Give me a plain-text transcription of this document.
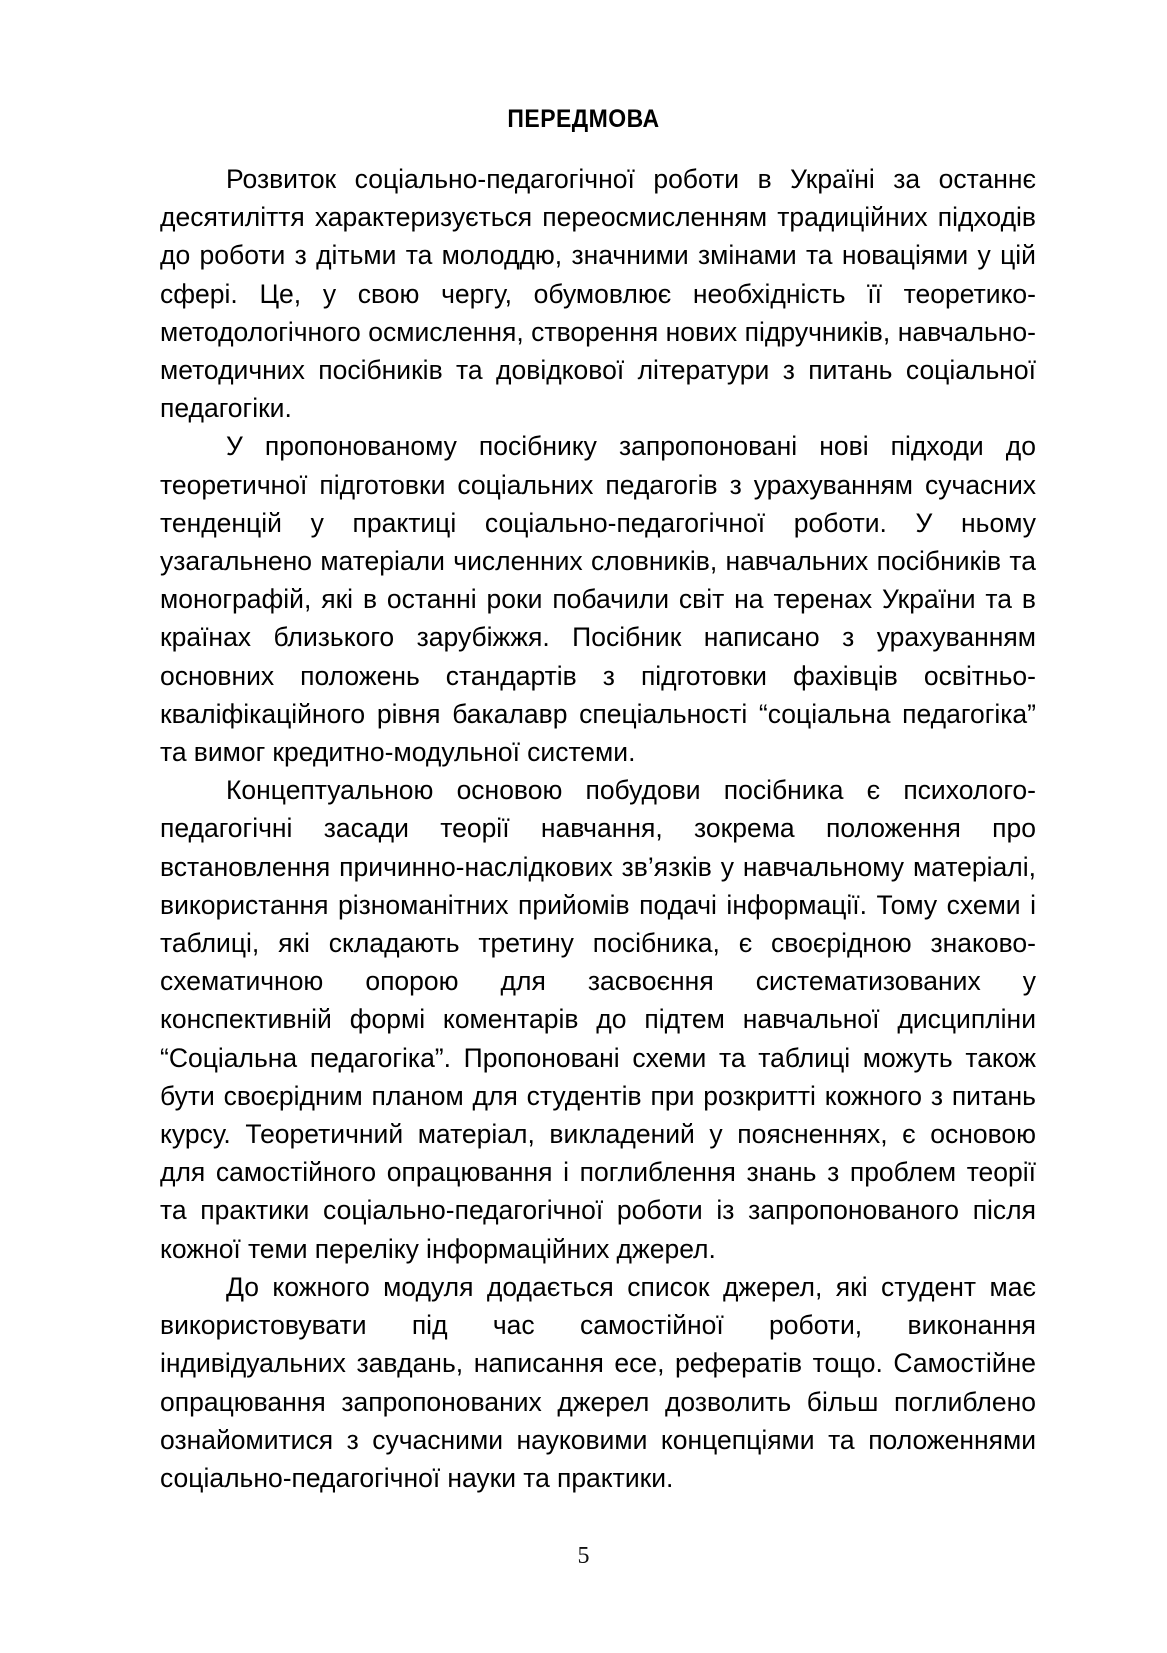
ПЕРЕДМОВА

Розвиток соціально-педагогічної роботи в Україні за останнє десятиліття характеризується переосмисленням традиційних підходів до роботи з дітьми та молоддю, значними змінами та новаціями у цій сфері. Це, у свою чергу, обумовлює необхідність її теоретико-методологічного осмислення, створення нових підручників, навчально-методичних посібників та довідкової літератури з питань соціальної педагогіки.

У пропонованому посібнику запропоновані нові підходи до теоретичної підготовки соціальних педагогів з урахуванням сучасних тенденцій у практиці соціально-педагогічної роботи. У ньому узагальнено матеріали численних словників, навчальних посібників та монографій, які в останні роки побачили світ на теренах України та в країнах близького зарубіжжя. Посібник написано з урахуванням основних положень стандартів з підготовки фахівців освітньо-кваліфікаційного рівня бакалавр спеціальності “соціальна педагогіка” та вимог кредитно-модульної системи.

Концептуальною основою побудови посібника є психолого-педагогічні засади теорії навчання, зокрема положення про встановлення причинно-наслідкових зв’язків у навчальному матеріалі, використання різноманітних прийомів подачі інформації. Тому схеми і таблиці, які складають третину посібника, є своєрідною знаково-схематичною опорою для засвоєння систематизованих у конспективній формі коментарів до підтем навчальної дисципліни “Соціальна педагогіка”. Пропоновані схеми та таблиці можуть також бути своєрідним планом для студентів при розкритті кожного з питань курсу. Теоретичний матеріал, викладений у поясненнях, є основою для самостійного опрацювання і поглиблення знань з проблем теорії та практики соціально-педагогічної роботи із запропонованого після кожної теми переліку інформаційних джерел.

До кожного модуля додається список джерел, які студент має використовувати під час самостійної роботи, виконання індивідуальних завдань, написання есе, рефератів тощо. Самостійне опрацювання запропонованих джерел дозволить більш поглиблено ознайомитися з сучасними науковими концепціями та положеннями соціально-педагогічної науки та практики.

5
